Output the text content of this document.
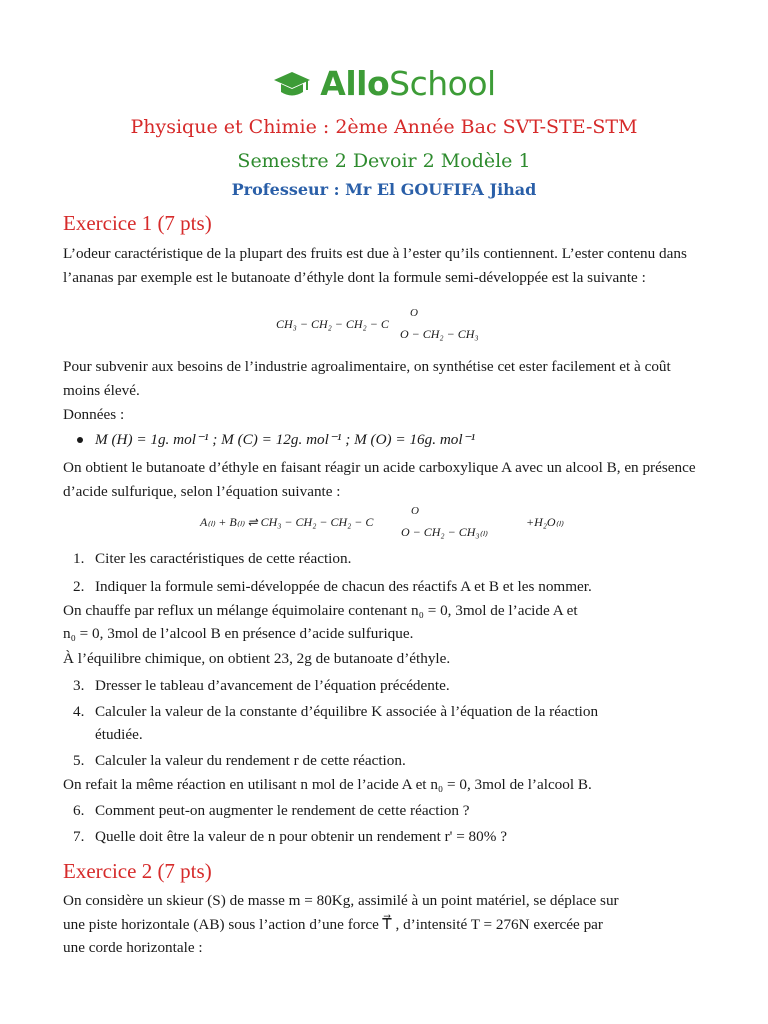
AlloSchool
Physique et Chimie : 2ème Année Bac SVT-STE-STM
Semestre 2 Devoir 2 Modèle 1
Professeur : Mr El GOUFIFA Jihad
Exercice 1 (7 pts)
L’odeur caractéristique de la plupart des fruits est due à l’ester qu’ils contiennent. L’ester contenu dans l’ananas par exemple est le butanoate d’éthyle dont la formule semi-développée est la suivante :
CH₃ − CH₂ − CH₂ − C
O
O − CH₂ − CH₃
Pour subvenir aux besoins de l’industrie agroalimentaire, on synthétise cet ester facilement et à coût moins élevé.
Données :
M (H) = 1g. mol⁻¹ ; M (C) = 12g. mol⁻¹ ; M (O) = 16g. mol⁻¹
On obtient le butanoate d’éthyle en faisant réagir un acide carboxylique A avec un alcool B, en présence d’acide sulfurique, selon l’équation suivante :
A₍ₗ₎ + B₍ₗ₎ ⇌ CH₃ − CH₂ − CH₂ − C
O
O − CH₂ − CH₃₍ₗ₎
+H₂O₍ₗ₎
1. Citer les caractéristiques de cette réaction.
2. Indiquer la formule semi-développée de chacun des réactifs A et B et les nommer.
On chauffe par reflux un mélange équimolaire contenant n₀ = 0, 3mol de l’acide A et
n₀ = 0, 3mol de l’alcool B en présence d’acide sulfurique.
À l’équilibre chimique, on obtient 23, 2g de butanoate d’éthyle.
3. Dresser le tableau d’avancement de l’équation précédente.
4. Calculer la valeur de la constante d’équilibre K associée à l’équation de la réaction
étudiée.
5. Calculer la valeur du rendement r de cette réaction.
On refait la même réaction en utilisant n mol de l’acide A et n₀ = 0, 3mol de l’alcool B.
6. Comment peut-on augmenter le rendement de cette réaction ?
7. Quelle doit être la valeur de n pour obtenir un rendement r' = 80% ?
Exercice 2 (7 pts)
On considère un skieur (S) de masse m = 80Kg, assimilé à un point matériel, se déplace sur
une piste horizontale (AB) sous l’action d’une force T⃗ , d’intensité T = 276N exercée par
une corde horizontale :
